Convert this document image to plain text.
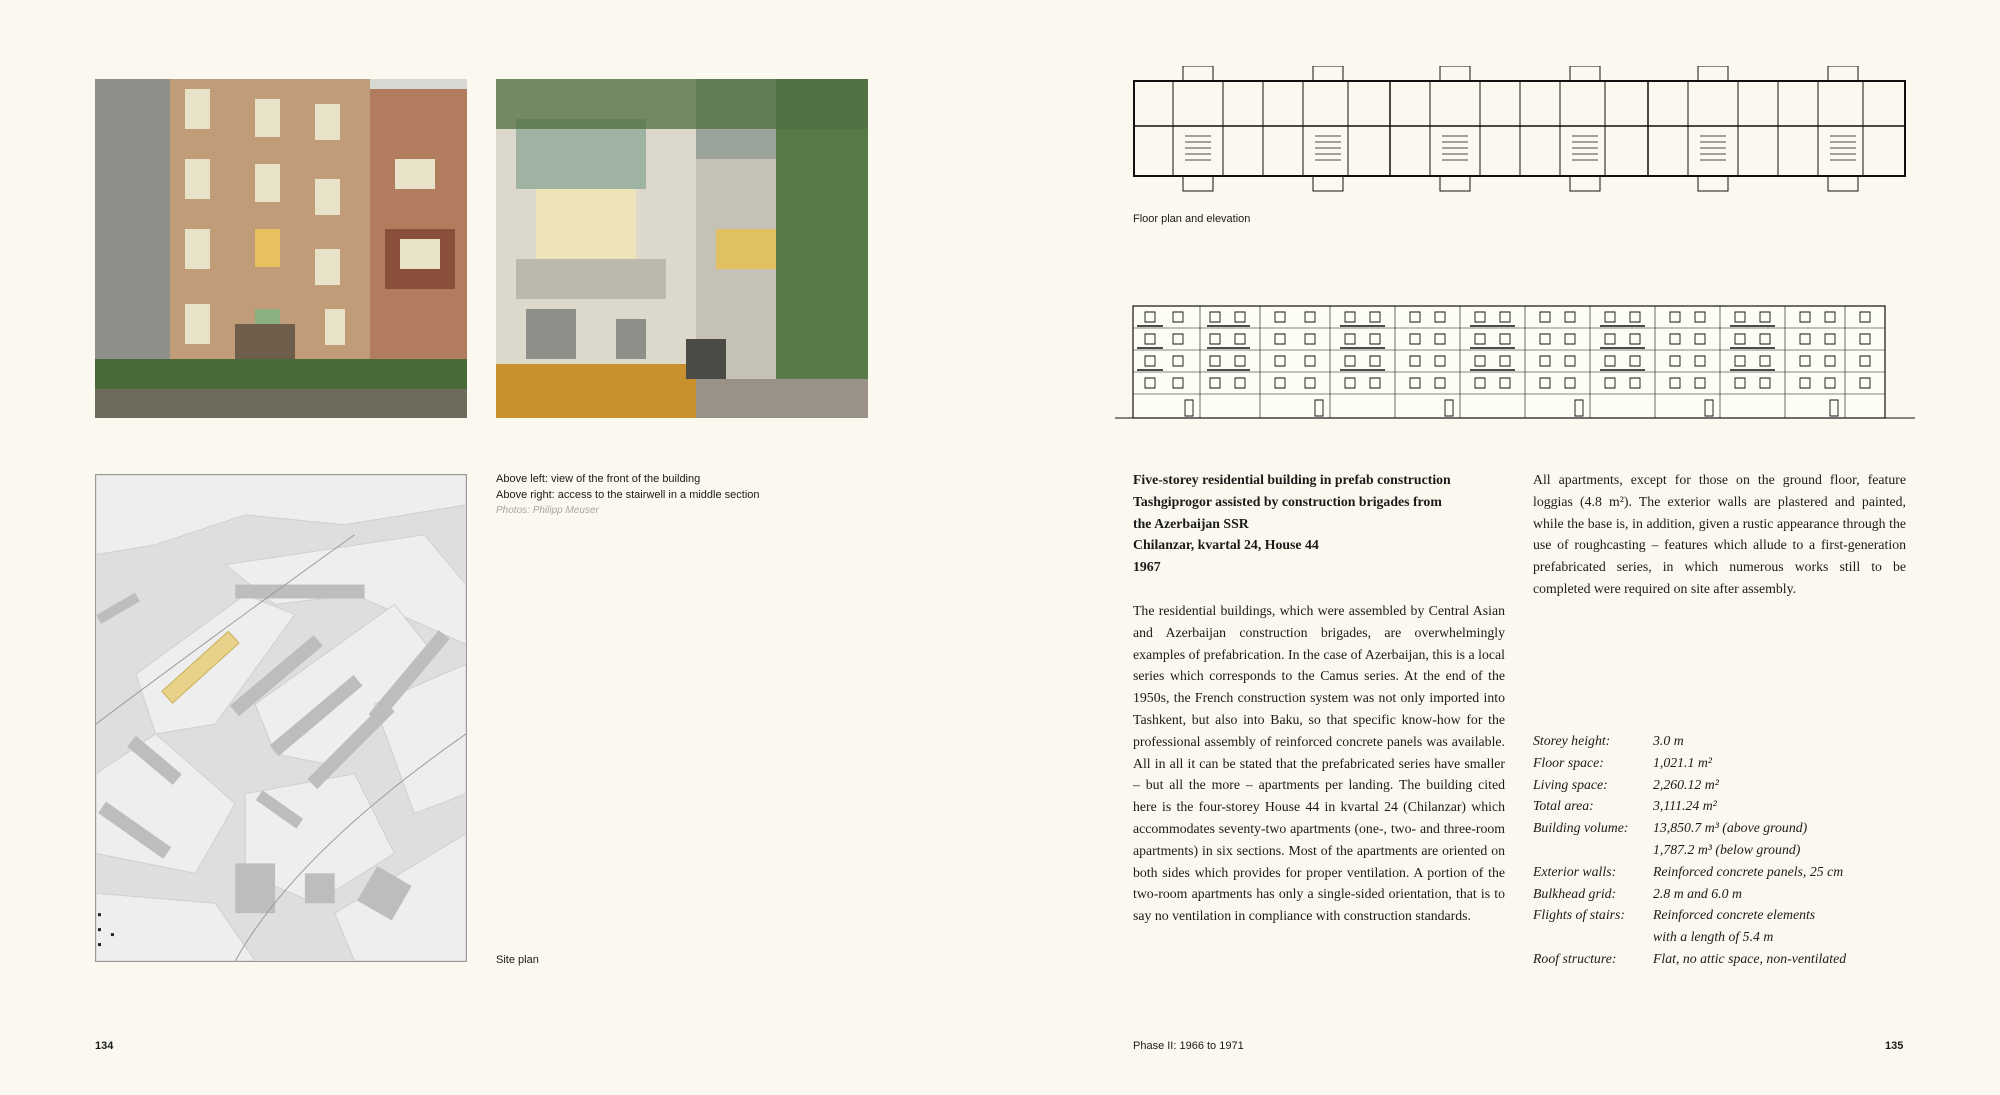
Above left: view of the front of the building
Above right: access to the stairwell in a middle section
Photos: Philipp Meuser
Site plan
134
Floor plan and elevation
Five-storey residential building in prefab construction
Tashgiprogor assisted by construction brigades from
the Azerbaijan SSR
Chilanzar, kvartal 24, House 44
1967
The residential buildings, which were assembled by Central Asian and Azerbaijan construction brigades, are overwhelmingly examples of prefabrication. In the case of Azerbaijan, this is a local series which corresponds to the Camus series. At the end of the 1950s, the French construction system was not only imported into Tashkent, but also into Baku, so that specific know-how for the professional assembly of reinforced concrete panels was available. All in all it can be stated that the prefabricated series have smaller – but all the more – apartments per landing. The building cited here is the four-storey House 44 in kvartal 24 (Chilanzar) which accommodates seventy-two apartments (one-, two- and three-room apartments) in six sections. Most of the apartments are oriented on both sides which provides for proper ventilation. A portion of the two-room apartments has only a single-sided orientation, that is to say no ventilation in compliance with construction standards.
All apartments, except for those on the ground floor, feature loggias (4.8 m²). The exterior walls are plastered and painted, while the base is, in addition, given a rustic appearance through the use of roughcasting – features which allude to a first-generation prefabricated series, in which numerous works still to be completed were required on site after assembly.
Storey height:	3.0 m
Floor space:	1,021.1 m²
Living space:	2,260.12 m²
Total area:	3,111.24 m²
Building volume:	13,850.7 m³ (above ground)
	1,787.2 m³ (below ground)
Exterior walls:	Reinforced concrete panels, 25 cm
Bulkhead grid:	2.8 m and 6.0 m
Flights of stairs:	Reinforced concrete elements
	with a length of 5.4 m
Roof structure:	Flat, no attic space, non-ventilated
Phase II: 1966 to 1971	135
